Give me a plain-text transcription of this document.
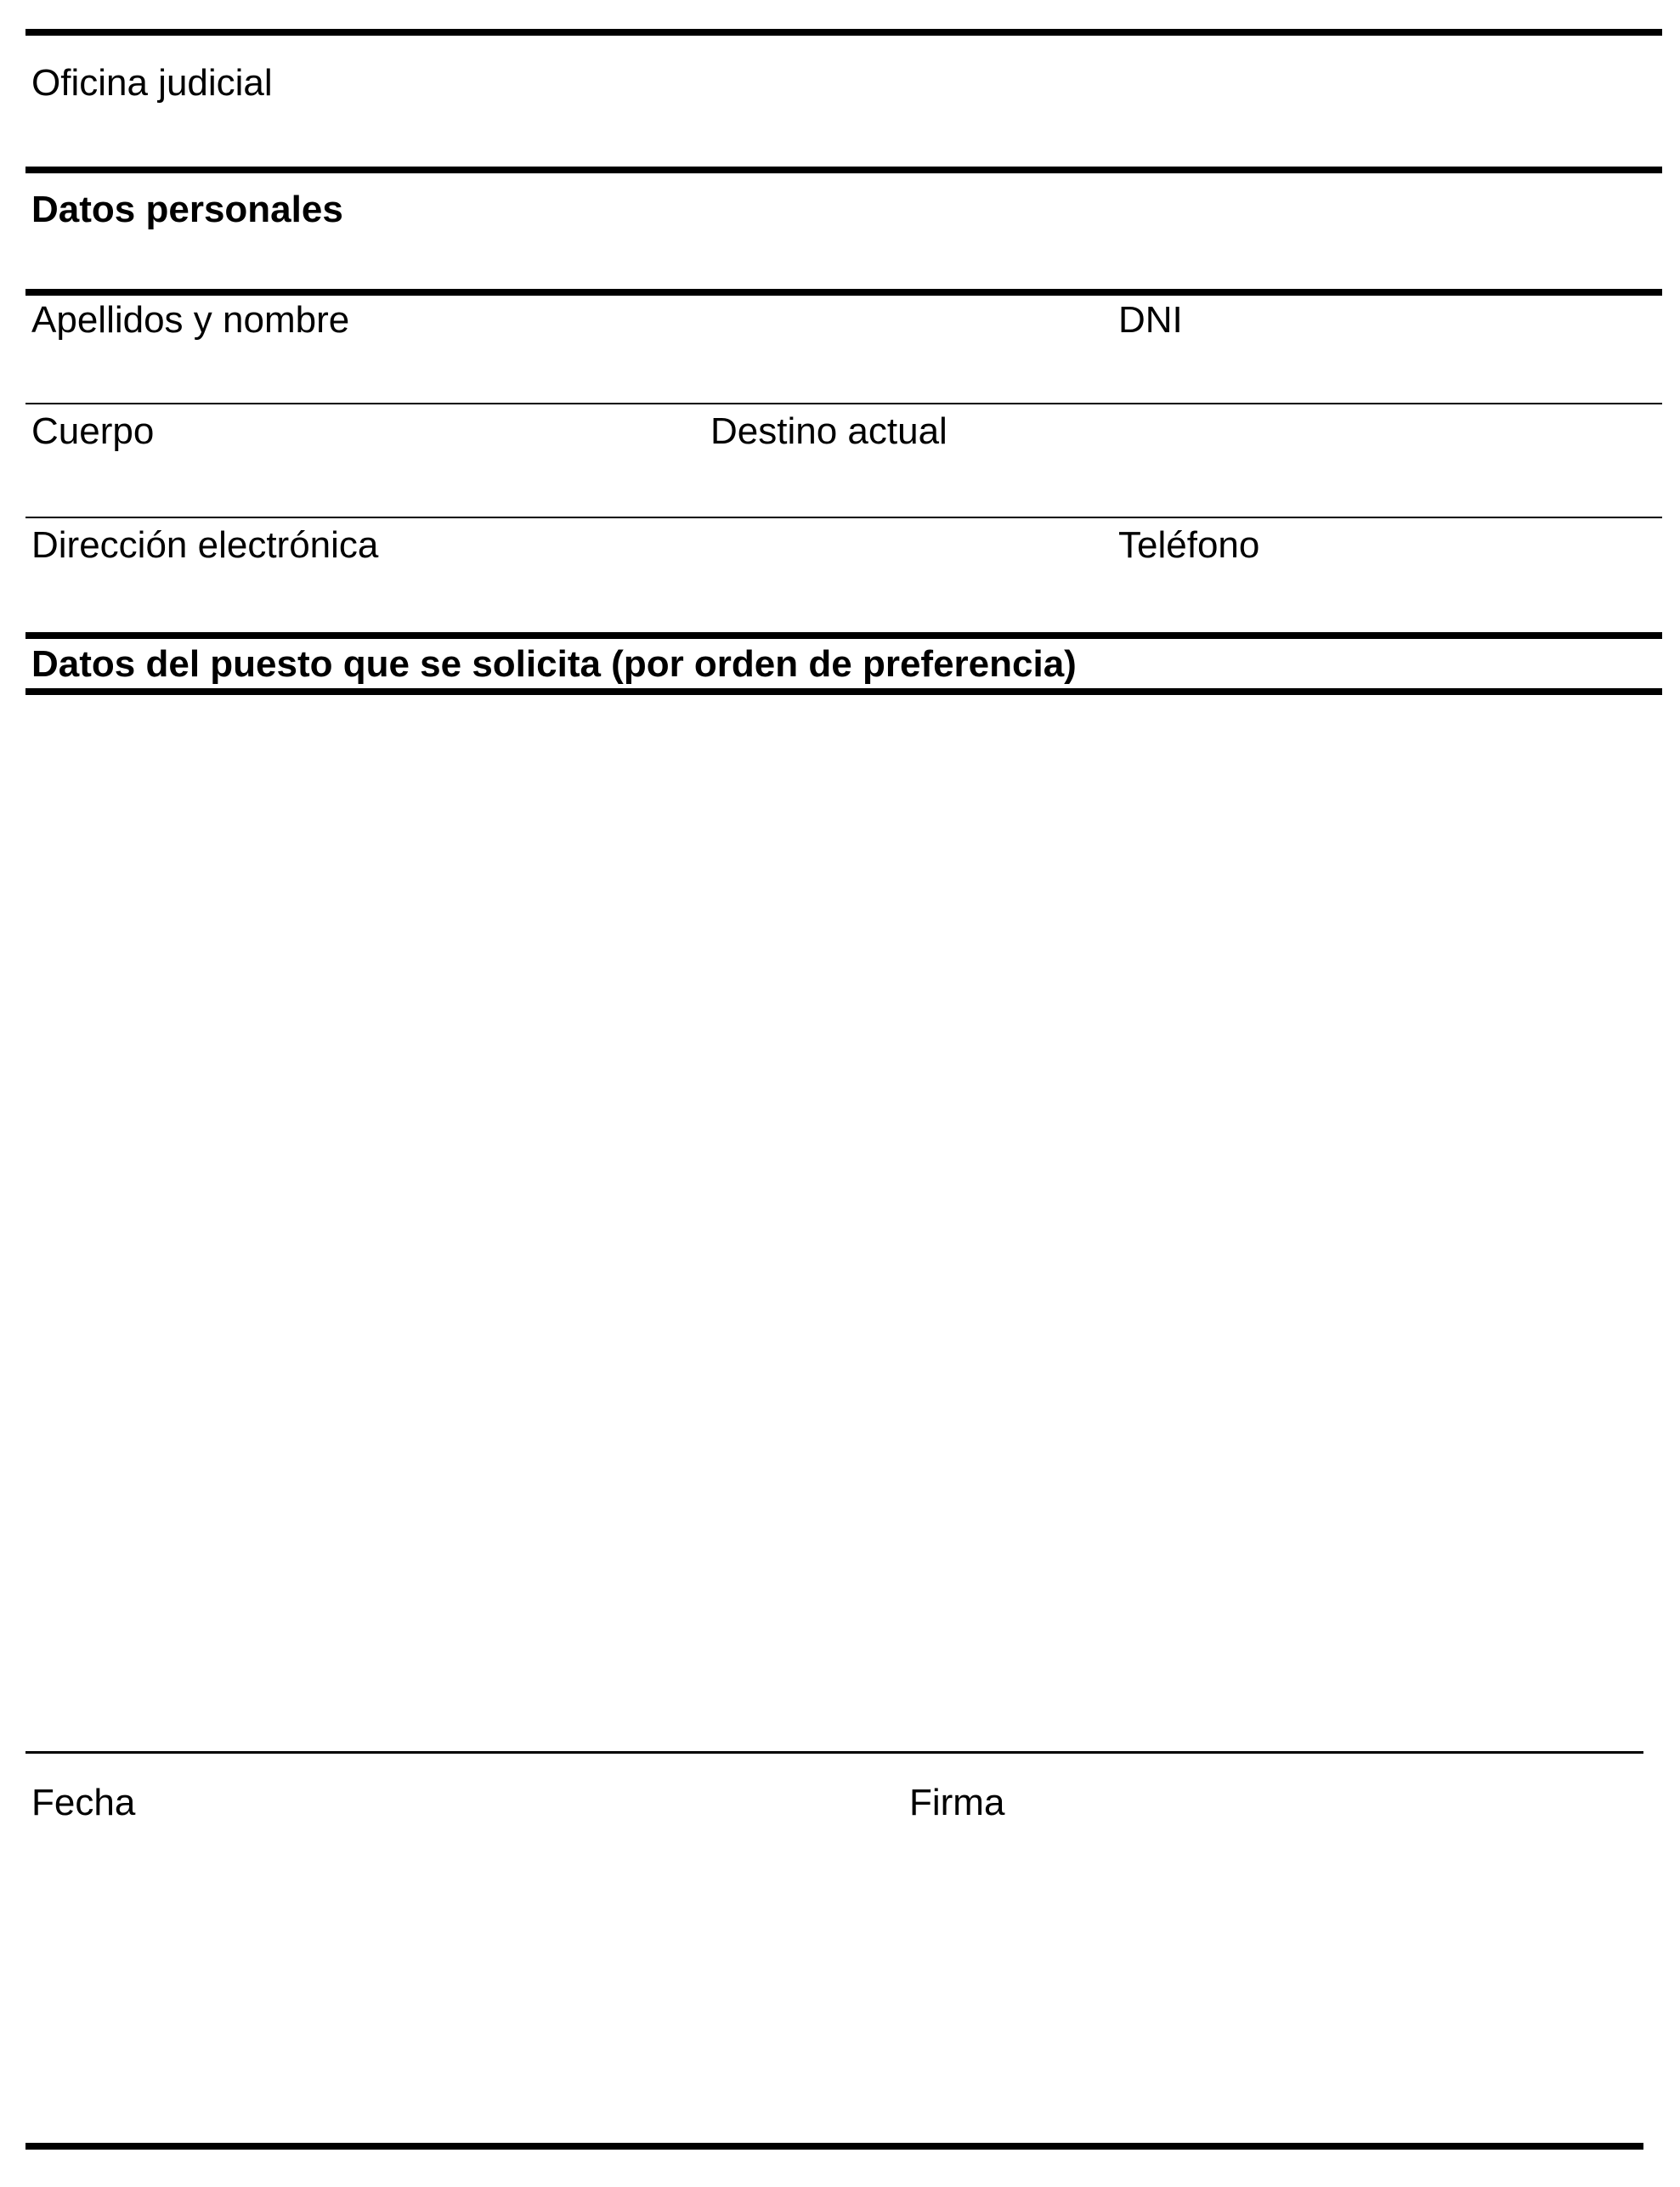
Oficina judicial
Datos personales
Apellidos y nombre	DNI
Cuerpo	Destino actual
Dirección electrónica	Teléfono
Datos del puesto que se solicita (por orden de preferencia)
Fecha	Firma
